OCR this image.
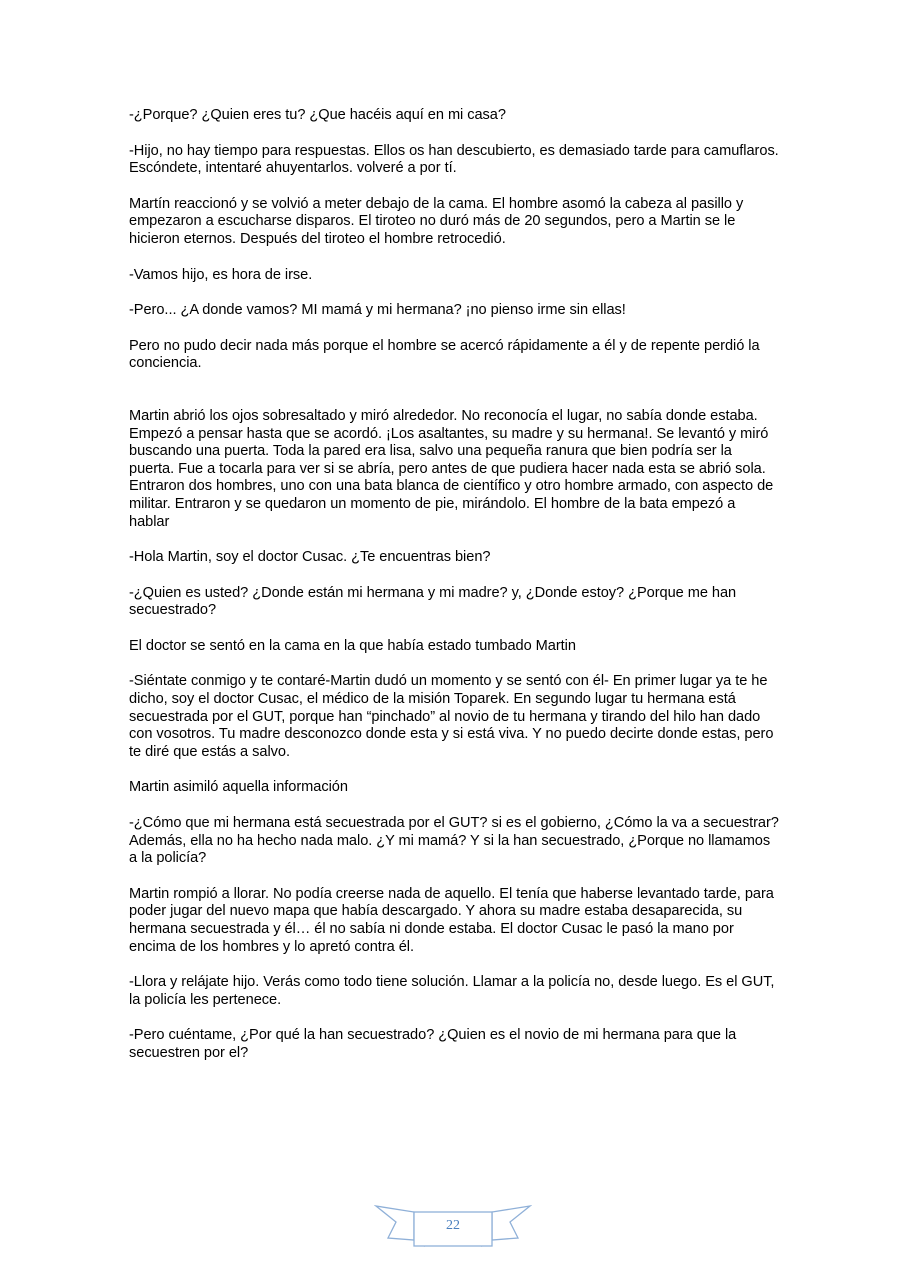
-¿Porque? ¿Quien eres tu? ¿Que hacéis aquí en mi casa?

-Hijo, no hay tiempo para respuestas. Ellos os han descubierto, es demasiado tarde para camuflaros. Escóndete, intentaré ahuyentarlos. volveré a por tí.

Martín reaccionó y se volvió a meter debajo de la cama. El hombre asomó la cabeza al pasillo y empezaron a escucharse disparos. El tiroteo no duró más de 20 segundos, pero a Martin se le hicieron eternos. Después del tiroteo el hombre retrocedió.

-Vamos hijo, es hora de irse.

-Pero... ¿A donde vamos? MI mamá y mi hermana? ¡no pienso irme sin ellas!

Pero no pudo decir nada más porque el hombre se acercó rápidamente a él y de repente perdió la conciencia.

Martin abrió los ojos sobresaltado y miró alrededor. No reconocía el lugar, no sabía donde estaba. Empezó a pensar hasta que se acordó. ¡Los asaltantes, su madre y su hermana!. Se levantó y miró buscando una puerta. Toda la pared era lisa, salvo una pequeña ranura que bien podría ser la puerta. Fue a tocarla para ver si se abría, pero antes de que pudiera hacer nada esta se abrió sola. Entraron dos hombres, uno con una bata blanca de científico y otro hombre armado, con aspecto de militar. Entraron y se quedaron un momento de pie, mirándolo. El hombre de la bata empezó a hablar

-Hola Martin, soy el doctor Cusac. ¿Te encuentras bien?

-¿Quien es usted? ¿Donde están mi hermana y mi madre? y, ¿Donde estoy? ¿Porque me han secuestrado?

El doctor se sentó en la cama en la que había estado tumbado Martin

-Siéntate conmigo y te contaré-Martin dudó un momento y se sentó con él- En primer lugar ya te he dicho, soy el doctor Cusac, el médico de la misión Toparek. En segundo lugar tu hermana está secuestrada por el GUT, porque han “pinchado” al novio de tu hermana y tirando del hilo han dado con vosotros. Tu madre desconozco donde esta y si está viva. Y no puedo decirte donde estas, pero te diré que estás a salvo.

Martin asimiló aquella información

-¿Cómo que mi hermana está secuestrada por el GUT? si es el gobierno, ¿Cómo la va a secuestrar? Además, ella no ha hecho nada malo. ¿Y mi mamá? Y si la han secuestrado, ¿Porque no llamamos a la policía?

Martin rompió a llorar. No podía creerse nada de aquello. El tenía que haberse levantado tarde, para poder jugar del nuevo mapa que había descargado. Y ahora su madre estaba desaparecida, su hermana secuestrada y él… él no sabía ni donde estaba. El doctor Cusac le pasó la mano por encima de los hombres y lo apretó contra él.

-Llora y relájate hijo. Verás como todo tiene solución. Llamar a la policía no, desde luego. Es el GUT, la policía les pertenece.

-Pero cuéntame, ¿Por qué la han secuestrado? ¿Quien es el novio de mi hermana para que la secuestren por el?

22
